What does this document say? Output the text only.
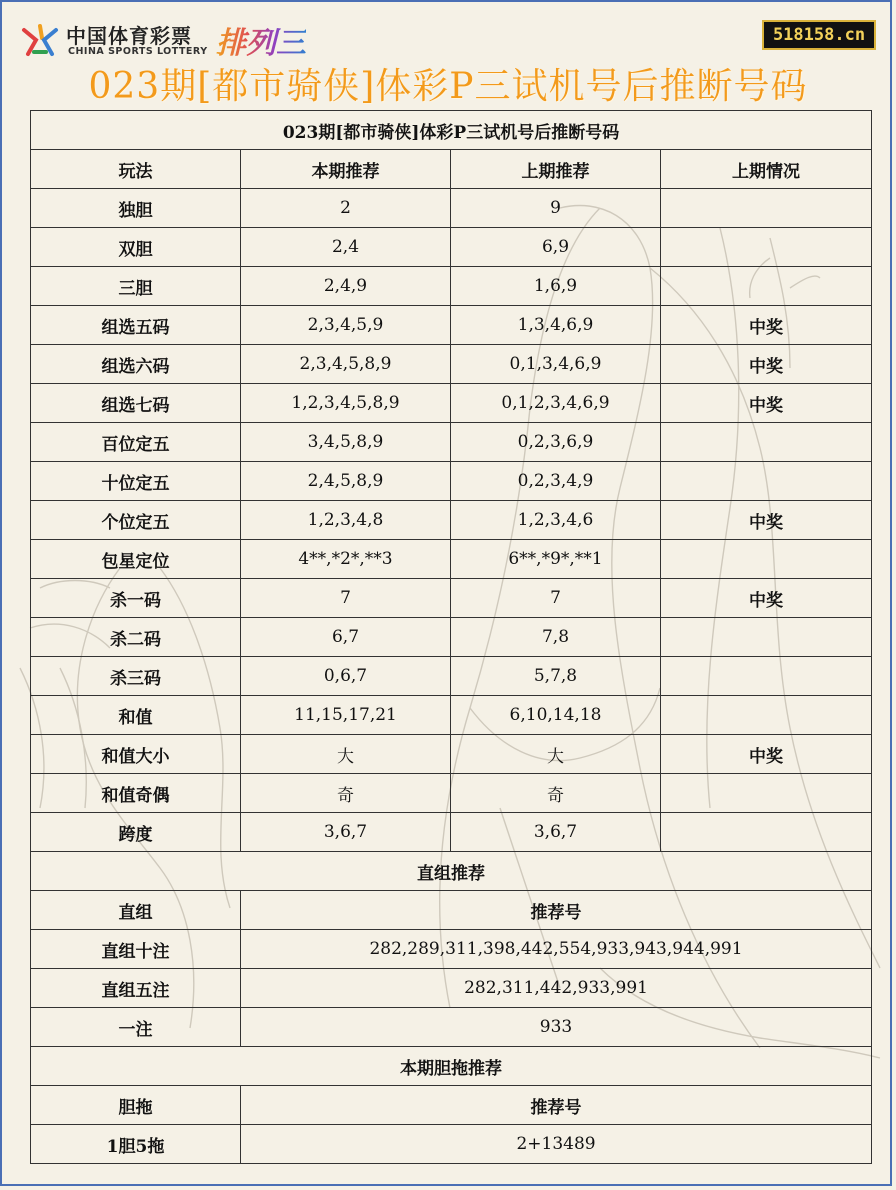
中国体育彩票
CHINA SPORTS LOTTERY 排列三	518158.cn
023期[都市骑侠]体彩P三试机号后推断号码
023期[都市骑侠]体彩P三试机号后推断号码			
玩法	本期推荐	上期推荐	上期情况
独胆	2	9	
双胆	2,4	6,9	
三胆	2,4,9	1,6,9	
组选五码	2,3,4,5,9	1,3,4,6,9	中奖
组选六码	2,3,4,5,8,9	0,1,3,4,6,9	中奖
组选七码	1,2,3,4,5,8,9	0,1,2,3,4,6,9	中奖
百位定五	3,4,5,8,9	0,2,3,6,9	
十位定五	2,4,5,8,9	0,2,3,4,9	
个位定五	1,2,3,4,8	1,2,3,4,6	中奖
包星定位	4**,*2*,**3	6**,*9*,**1	
杀一码	7	7	中奖
杀二码	6,7	7,8	
杀三码	0,6,7	5,7,8	
和值	11,15,17,21	6,10,14,18	
和值大小	大	大	中奖
和值奇偶	奇	奇	
跨度	3,6,7	3,6,7	
直组推荐			
直组	推荐号		
直组十注	282,289,311,398,442,554,933,943,944,991		
直组五注	282,311,442,933,991		
一注	933		
本期胆拖推荐			
胆拖	推荐号		
1胆5拖	2+13489		
